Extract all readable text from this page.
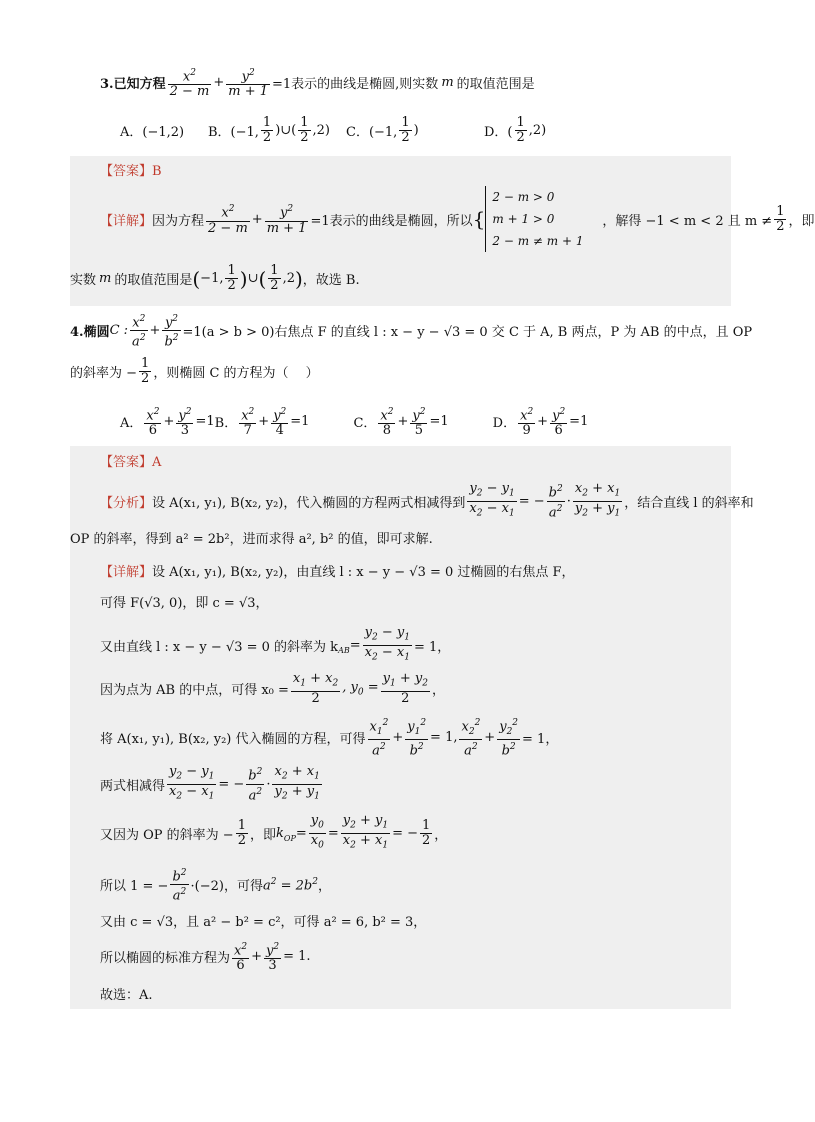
3.已知方程 $\frac{x^2}{2 - m} + \frac{y^2}{m + 1} =1$表示的曲线是椭圆,则实数 m 的取值范围是
A．(−1,2)	B．(−1, $\frac{1}{2}$ )∪( $\frac{1}{2} ,2$) C．(−1, $\frac{1}{2}$ )	D．( $\frac{1}{2} ,2$)
【答案】B
【详解】 因为方程 $\frac{x^2}{2 - m} + \frac{y^2}{m + 1} =1$表示的曲线是椭圆，所以 {
2 − m > 0
m + 1 > 0
2 − m ≠ m + 1
，解得 −1 < m < 2 且 $m \ne \frac{1}{2}$ ，即
实数 m 的取值范围是 ( −1, $\frac{1}{2}$ ) ∪ ( $\frac{1}{2} ,2$ ) ，故选 B.
4.椭圆 C : $\frac{x^2}{a^2} + \frac{y^2}{b^2} =1(a > b > 0)$右焦点 F 的直线 l : x − y − √3 = 0 交 C 于 A, B 两点，P 为 AB 的中点，且 OP
的斜率为 − $\frac{1}{2}$ ，则椭圆 C 的方程为（　 ）
A． $\frac{x^2}{6} + \frac{y^2}{3} =1$ B． $\frac{x^2}{7} + \frac{y^2}{4} =1$	C． $\frac{x^2}{8} + \frac{y^2}{5} =1$	D． $\frac{x^2}{9} + \frac{y^2}{6} =1$
【答案】A
【分析】 设 A(x₁, y₁), B(x₂, y₂)，代入椭圆的方程两式相减得到 $\frac{y_2 - y_1}{x_2 - x_1}$ = − $\frac{b^2}{a^2} \cdot \frac{x_2 + x_1}{y_2 + y_1}$ ，结合直线 l 的斜率和
OP 的斜率，得到 a² = 2b²，进而求得 a², b² 的值，即可求解.
【详解】设 A(x₁, y₁), B(x₂, y₂)，由直线 l : x − y − √3 = 0 过椭圆的右焦点 F，
可得 F(√3, 0)，即 c = √3，
又由直线 l : x − y − √3 = 0 的斜率为 k AB = $\frac{y_2 - y_1}{x_2 - x_1} = 1$，
因为点为 AB 的中点，可得 $x_0 = \frac{x_1 + x_2}{2}$ , $y_0 = \frac{y_1 + y_2}{2}$ ，
将 A(x₁, y₁), B(x₂, y₂) 代入椭圆的方程，可得 $\frac{x_1^2}{a^2} + \frac{y_1^2}{b^2} = 1$, $\frac{x_2^2}{a^2} + \frac{y_2^2}{b^2} = 1$，
两式相减得 $\frac{y_2 - y_1}{x_2 - x_1}$ = − $\frac{b^2}{a^2} \cdot \frac{x_2 + x_1}{y_2 + y_1}$
又因为 OP 的斜率为 − $\frac{1}{2}$ ，即 k OP = $\frac{y_0}{x_0} = \frac{y_2 + y_1}{x_2 + x_1}$ = − $\frac{1}{2}$ ，
所以 1 = − $\frac{b^2}{a^2} \cdot(-2)$，可得 $a^2 = 2b^2$ ，
又由 c = √3，且 a² − b² = c²，可得 a² = 6, b² = 3，
所以椭圆的标准方程为 $\frac{x^2}{6} + \frac{y^2}{3} = 1$.
故选：A.
